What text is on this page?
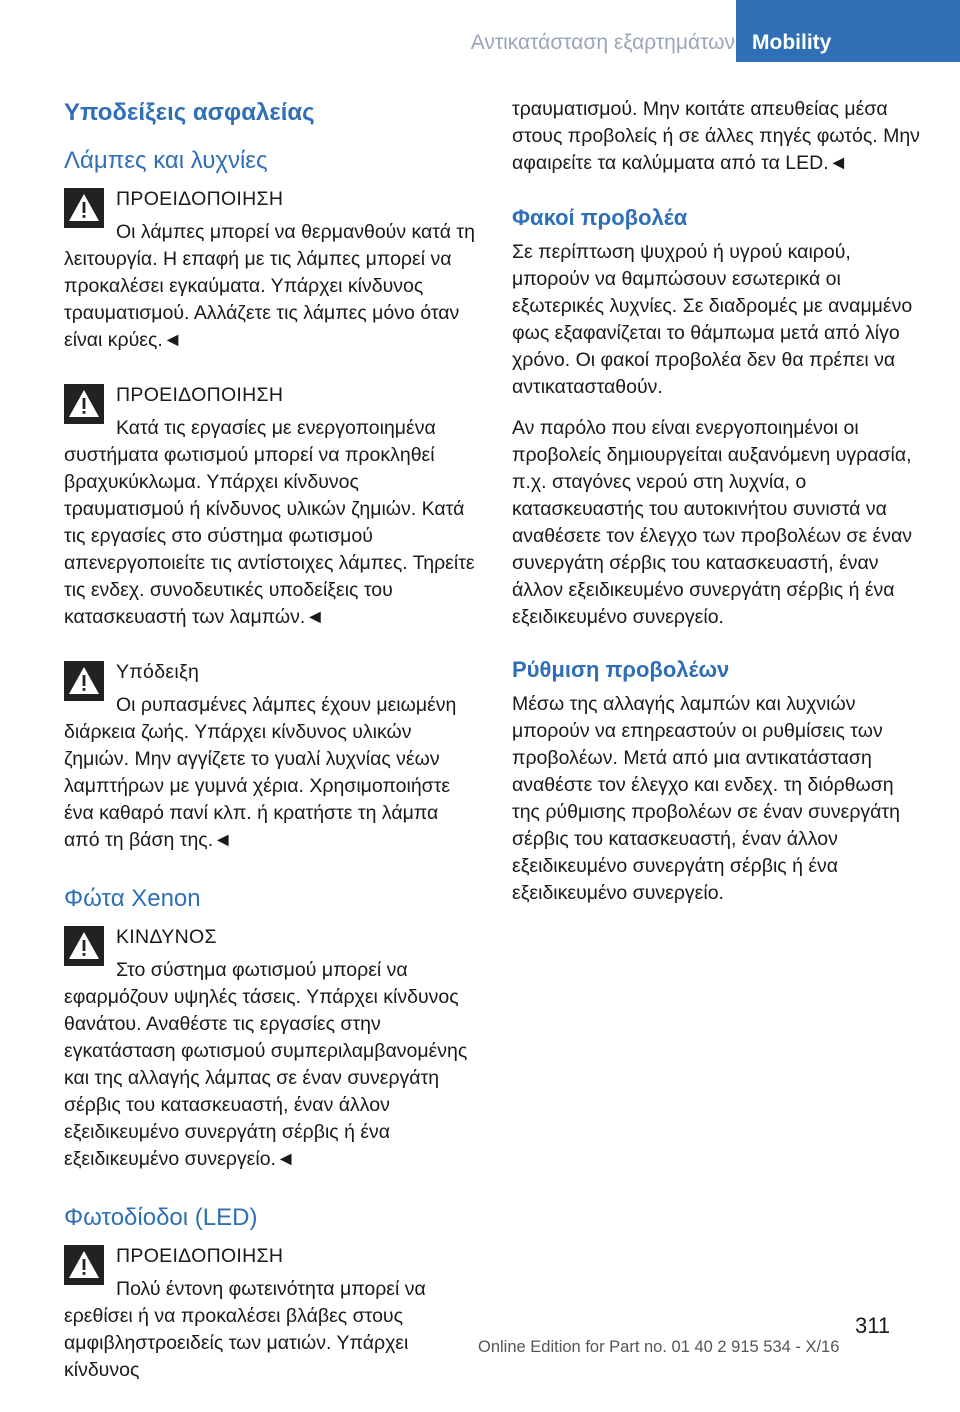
Αντικατάσταση εξαρτημάτων Mobility
Υποδείξεις ασφαλείας
Λάμπες και λυχνίες
ΠΡΟΕΙΔΟΠΟΙΗΣΗ

Οι λάμπες μπορεί να θερμανθούν κατά τη λειτουργία. Η επαφή με τις λάμπες μπορεί να προκαλέσει εγκαύματα. Υπάρχει κίνδυνος τραυματισμού. Αλλάζετε τις λάμπες μόνο όταν είναι κρύες.◄

ΠΡΟΕΙΔΟΠΟΙΗΣΗ

Κατά τις εργασίες με ενεργοποιημένα συστήματα φωτισμού μπορεί να προκληθεί βραχυκύκλωμα. Υπάρχει κίνδυνος τραυματισμού ή κίνδυνος υλικών ζημιών. Κατά τις εργασίες στο σύστημα φωτισμού απενεργοποιείτε τις αντίστοιχες λάμπες. Τηρείτε τις ενδεχ. συνοδευτικές υποδείξεις του κατασκευαστή των λαμπών.◄

Υπόδειξη

Οι ρυπασμένες λάμπες έχουν μειωμένη διάρκεια ζωής. Υπάρχει κίνδυνος υλικών ζημιών. Μην αγγίζετε το γυαλί λυχνίας νέων λαμπτήρων με γυμνά χέρια. Χρησιμοποιήστε ένα καθαρό πανί κλπ. ή κρατήστε τη λάμπα από τη βάση της.◄

Φώτα Xenon
ΚΙΝΔΥΝΟΣ

Στο σύστημα φωτισμού μπορεί να εφαρμόζουν υψηλές τάσεις. Υπάρχει κίνδυνος θανάτου. Αναθέστε τις εργασίες στην εγκατάσταση φωτισμού συμπεριλαμβανομένης και της αλλαγής λάμπας σε έναν συνεργάτη σέρβις του κατασκευαστή, έναν άλλον εξειδικευμένο συνεργάτη σέρβις ή ένα εξειδικευμένο συνεργείο.◄

Φωτοδίοδοι (LED)
ΠΡΟΕΙΔΟΠΟΙΗΣΗ

Πολύ έντονη φωτεινότητα μπορεί να ερεθίσει ή να προκαλέσει βλάβες στους αμφιβληστροειδείς των ματιών. Υπάρχει κίνδυνος

τραυματισμού. Μην κοιτάτε απευθείας μέσα στους προβολείς ή σε άλλες πηγές φωτός. Μην αφαιρείτε τα καλύμματα από τα LED.◄

Φακοί προβολέα

Σε περίπτωση ψυχρού ή υγρού καιρού, μπορούν να θαμπώσουν εσωτερικά οι εξωτερικές λυχνίες. Σε διαδρομές με αναμμένο φως εξαφανίζεται το θάμπωμα μετά από λίγο χρόνο. Οι φακοί προβολέα δεν θα πρέπει να αντικατασταθούν.

Αν παρόλο που είναι ενεργοποιημένοι οι προβολείς δημιουργείται αυξανόμενη υγρασία, π.χ. σταγόνες νερού στη λυχνία, ο κατασκευαστής του αυτοκινήτου συνιστά να αναθέσετε τον έλεγχο των προβολέων σε έναν συνεργάτη σέρβις του κατασκευαστή, έναν άλλον εξειδικευμένο συνεργάτη σέρβις ή ένα εξειδικευμένο συνεργείο.

Ρύθμιση προβολέων

Μέσω της αλλαγής λαμπών και λυχνιών μπορούν να επηρεαστούν οι ρυθμίσεις των προβολέων. Μετά από μια αντικατάσταση αναθέστε τον έλεγχο και ενδεχ. τη διόρθωση της ρύθμισης προβολέων σε έναν συνεργάτη σέρβις του κατασκευαστή, έναν άλλον εξειδικευμένο συνεργάτη σέρβις ή ένα εξειδικευμένο συνεργείο.

311
Online Edition for Part no. 01 40 2 915 534 - X/16
